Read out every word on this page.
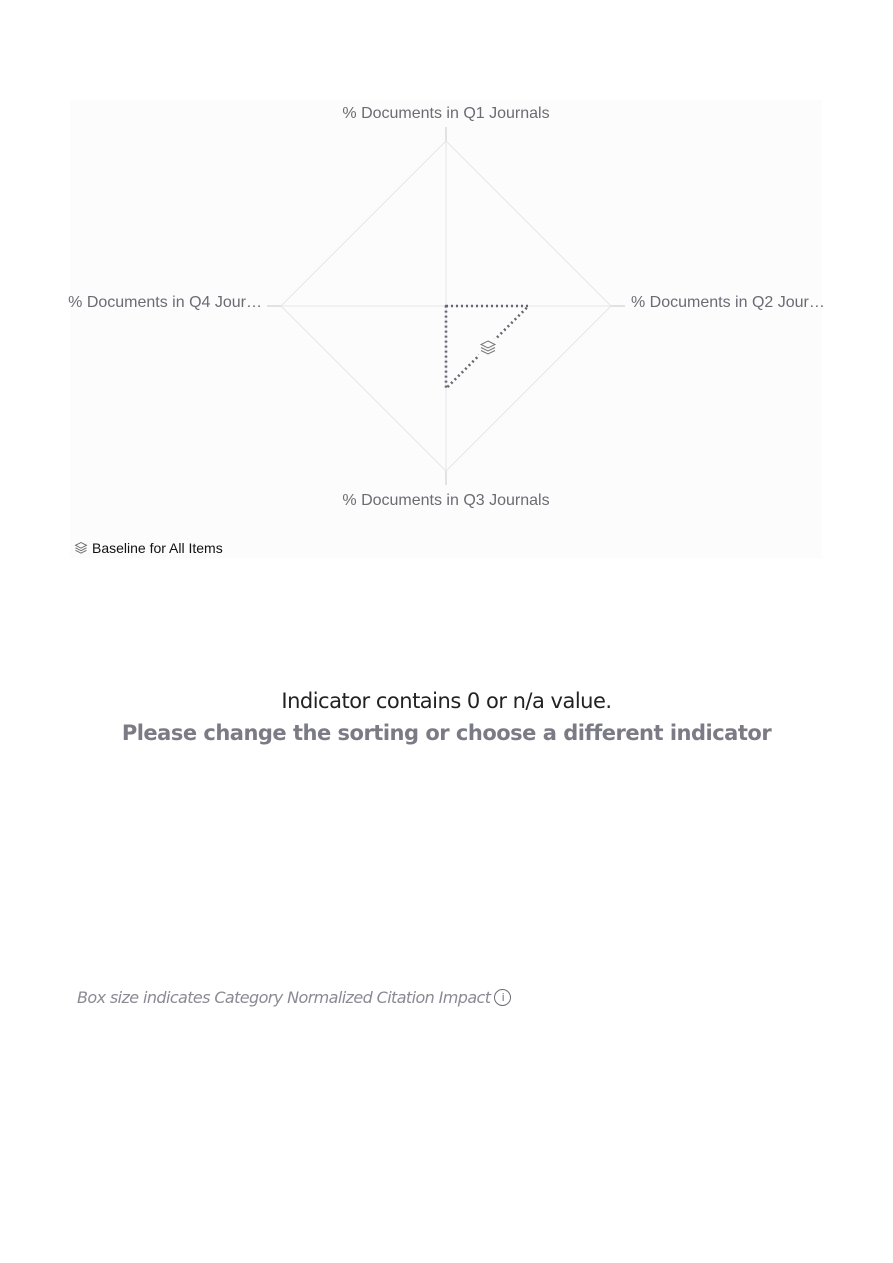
% Documents in Q1 Journals
% Documents in Q2 Jour…
% Documents in Q3 Journals
% Documents in Q4 Jour…
Baseline for All Items
Indicator contains 0 or n/a value.
Please change the sorting or choose a different indicator
Box size indicates Category Normalized Citation Impact	i
